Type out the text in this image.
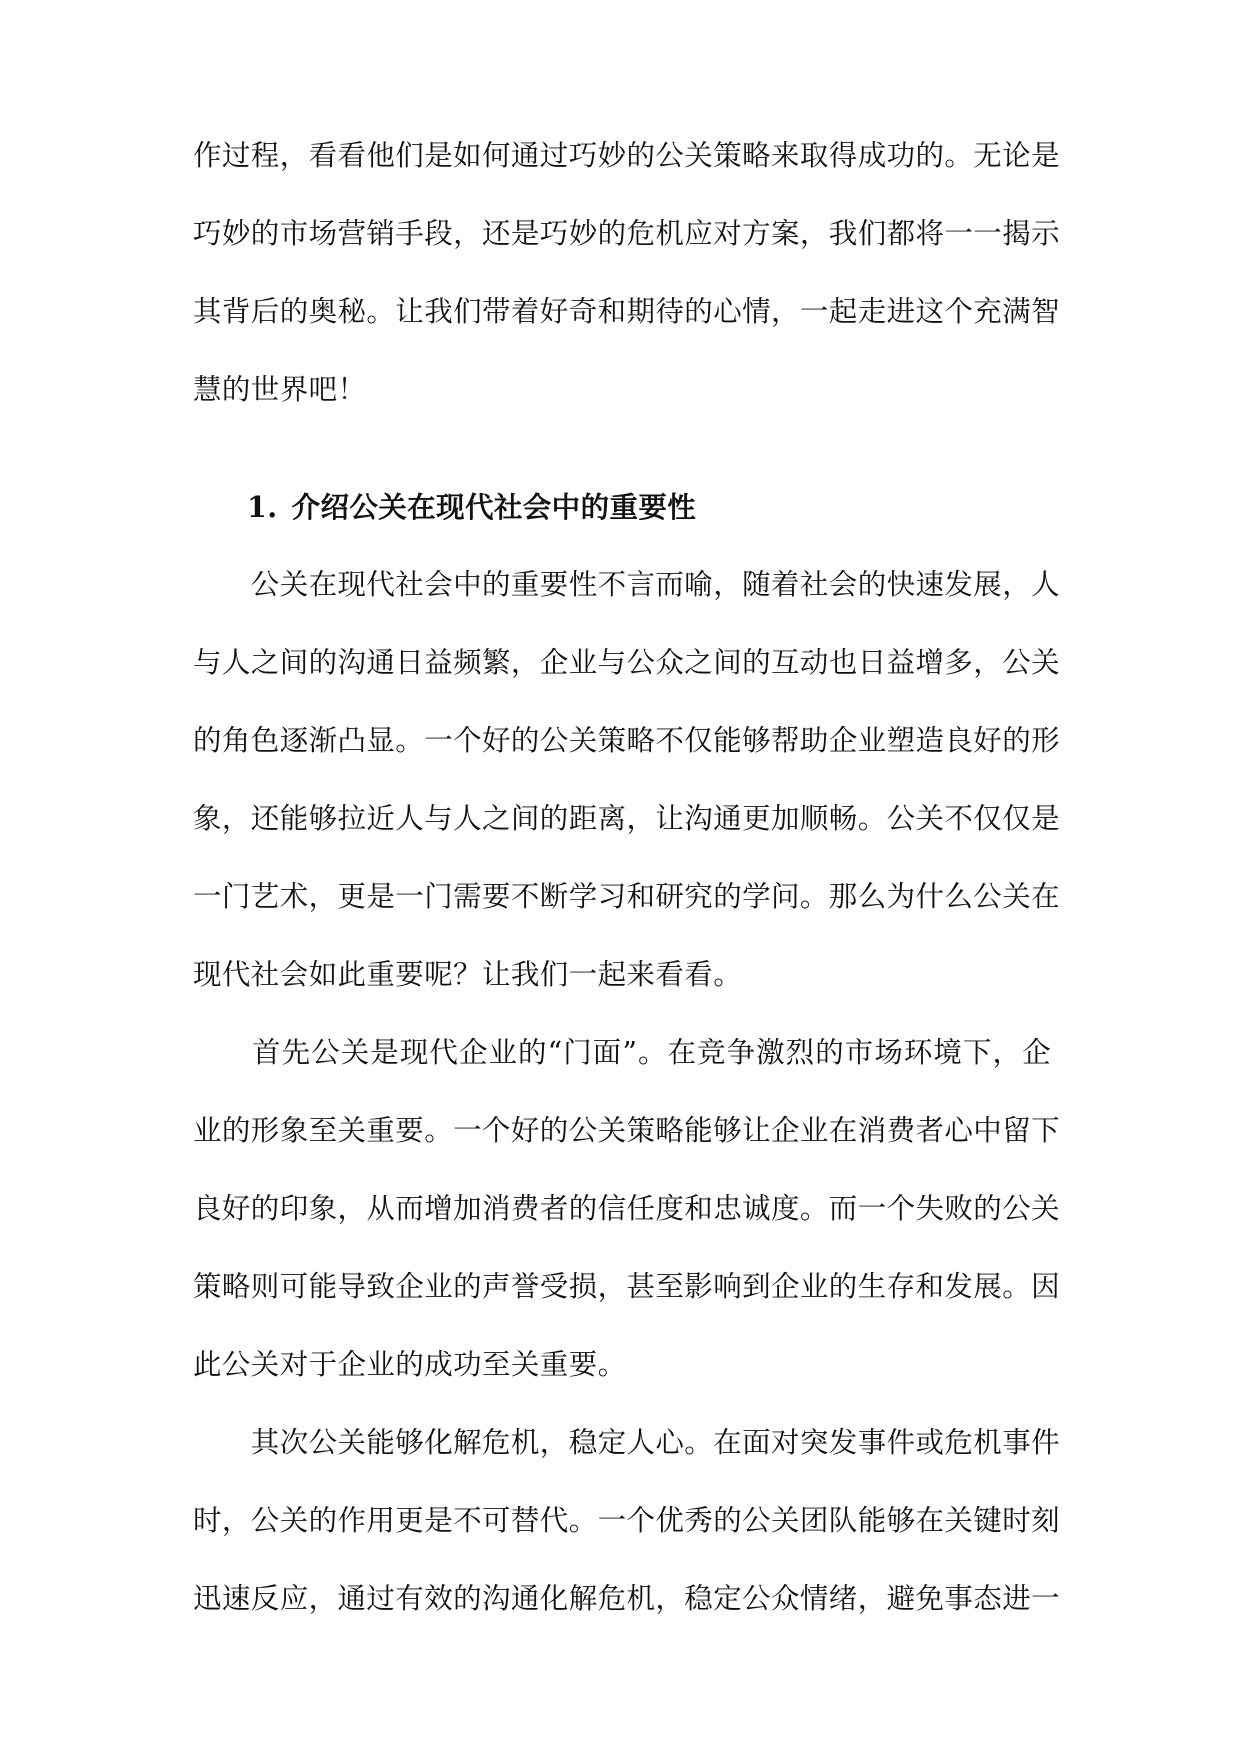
作过程，看看他们是如何通过巧妙的公关策略来取得成功的。无论是
巧妙的市场营销手段，还是巧妙的危机应对方案，我们都将一一揭示
其背后的奥秘。让我们带着好奇和期待的心情，一起走进这个充满智
慧的世界吧！
1. 介绍公关在现代社会中的重要性
　　公关在现代社会中的重要性不言而喻，随着社会的快速发展，人
与人之间的沟通日益频繁，企业与公众之间的互动也日益增多，公关
的角色逐渐凸显。一个好的公关策略不仅能够帮助企业塑造良好的形
象，还能够拉近人与人之间的距离，让沟通更加顺畅。公关不仅仅是
一门艺术，更是一门需要不断学习和研究的学问。那么为什么公关在
现代社会如此重要呢？让我们一起来看看。
　　首先公关是现代企业的“门面”。在竞争激烈的市场环境下，企
业的形象至关重要。一个好的公关策略能够让企业在消费者心中留下
良好的印象，从而增加消费者的信任度和忠诚度。而一个失败的公关
策略则可能导致企业的声誉受损，甚至影响到企业的生存和发展。因
此公关对于企业的成功至关重要。
　　其次公关能够化解危机，稳定人心。在面对突发事件或危机事件
时，公关的作用更是不可替代。一个优秀的公关团队能够在关键时刻
迅速反应，通过有效的沟通化解危机，稳定公众情绪，避免事态进一
